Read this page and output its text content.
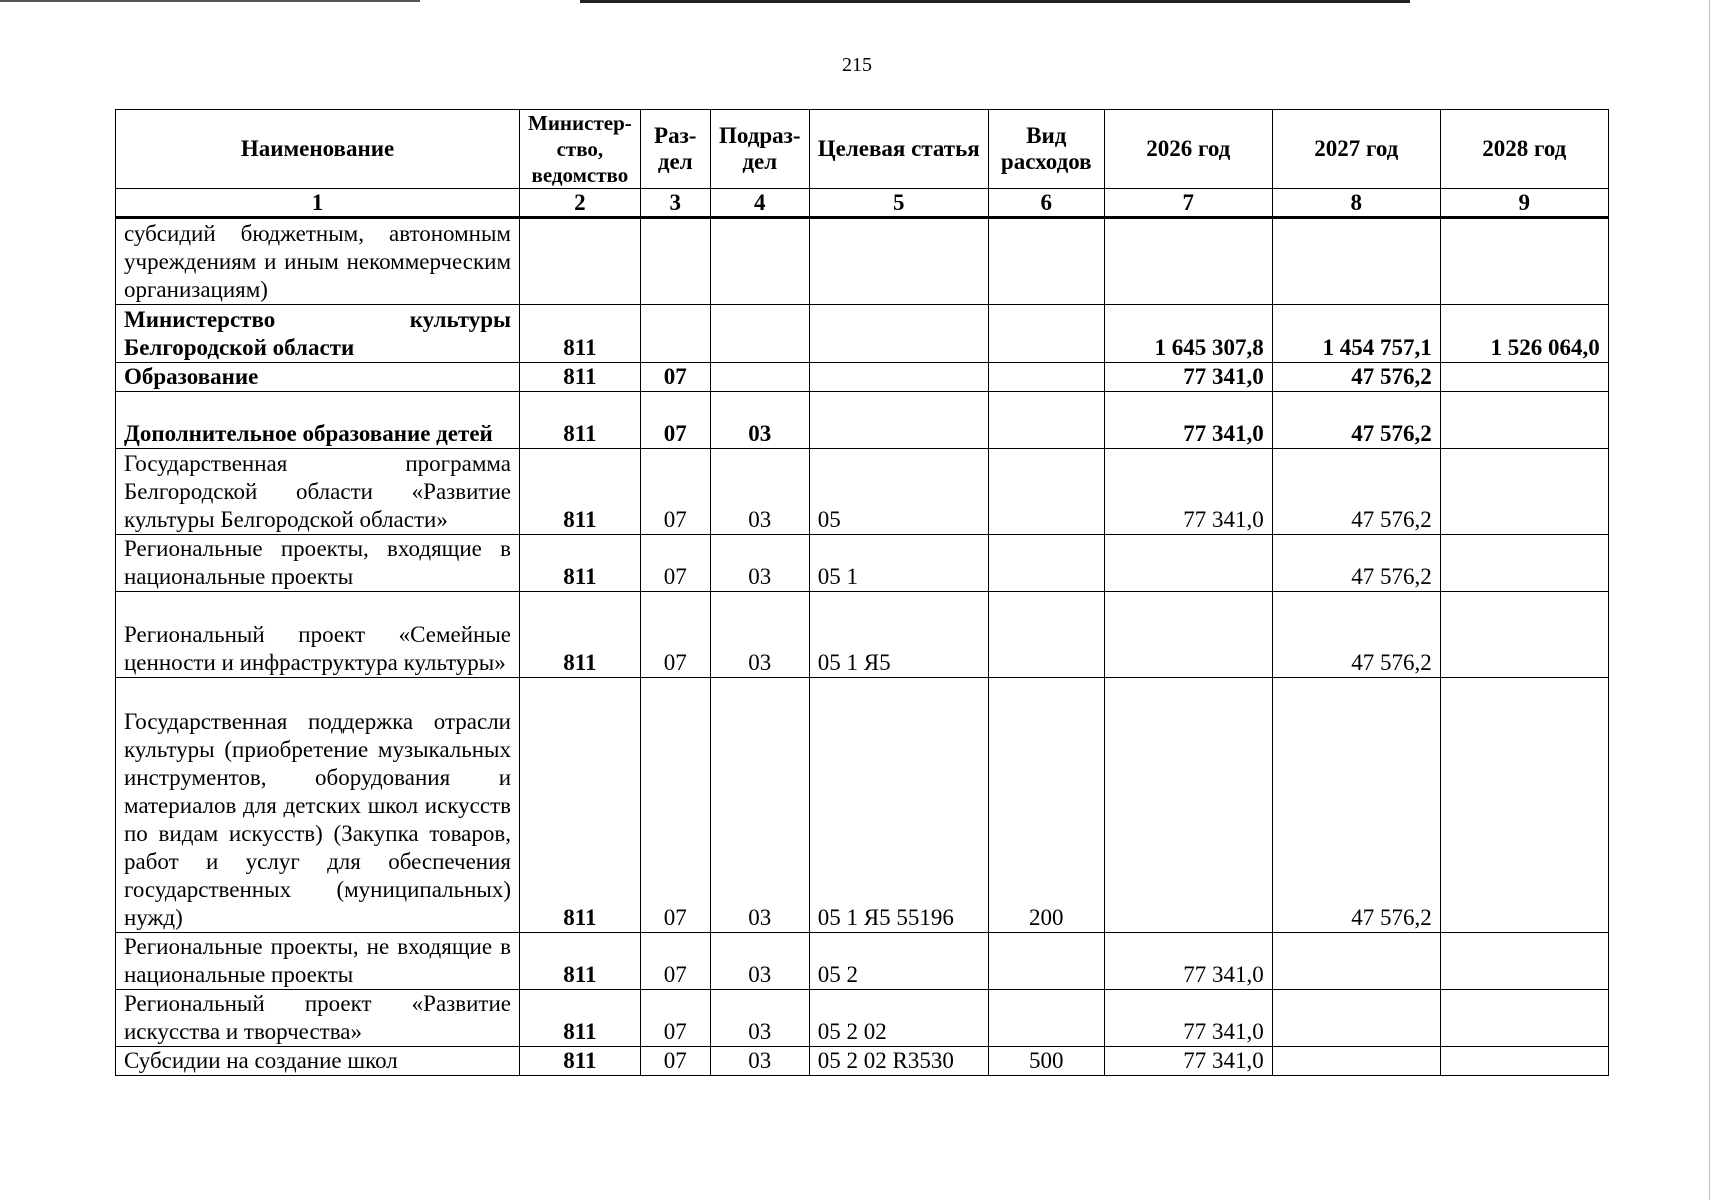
215
Наименование	Министер-ство, ведомство	Раз-дел	Подраз-дел	Целевая статья	Вид расходов	2026 год	2027 год	2028 год
1	2	3	4	5	6	7	8	9
субсидий бюджетным, автономным учреждениям и иным некоммерческим организациям)								
Министерство культуры Белгородской области	811					1 645 307,8	1 454 757,1	1 526 064,0
Образование	811	07				77 341,0	47 576,2	
Дополнительное образование детей	811	07	03			77 341,0	47 576,2	
Государственная программа Белгородской области «Развитие культуры Белгородской области»	811	07	03	05		77 341,0	47 576,2	
Региональные проекты, входящие в национальные проекты	811	07	03	05 1			47 576,2	
Региональный проект «Семейные ценности и инфраструктура культуры»	811	07	03	05 1 Я5			47 576,2	
Государственная поддержка отрасли культуры (приобретение музыкальных инструментов, оборудования и материалов для детских школ искусств по видам искусств) (Закупка товаров, работ и услуг для обеспечения государственных (муниципальных) нужд)	811	07	03	05 1 Я5 55196	200		47 576,2	
Региональные проекты, не входящие в национальные проекты	811	07	03	05 2		77 341,0		
Региональный проект «Развитие искусства и творчества»	811	07	03	05 2 02		77 341,0		
Субсидии на создание школ	811	07	03	05 2 02 R3530	500	77 341,0		
